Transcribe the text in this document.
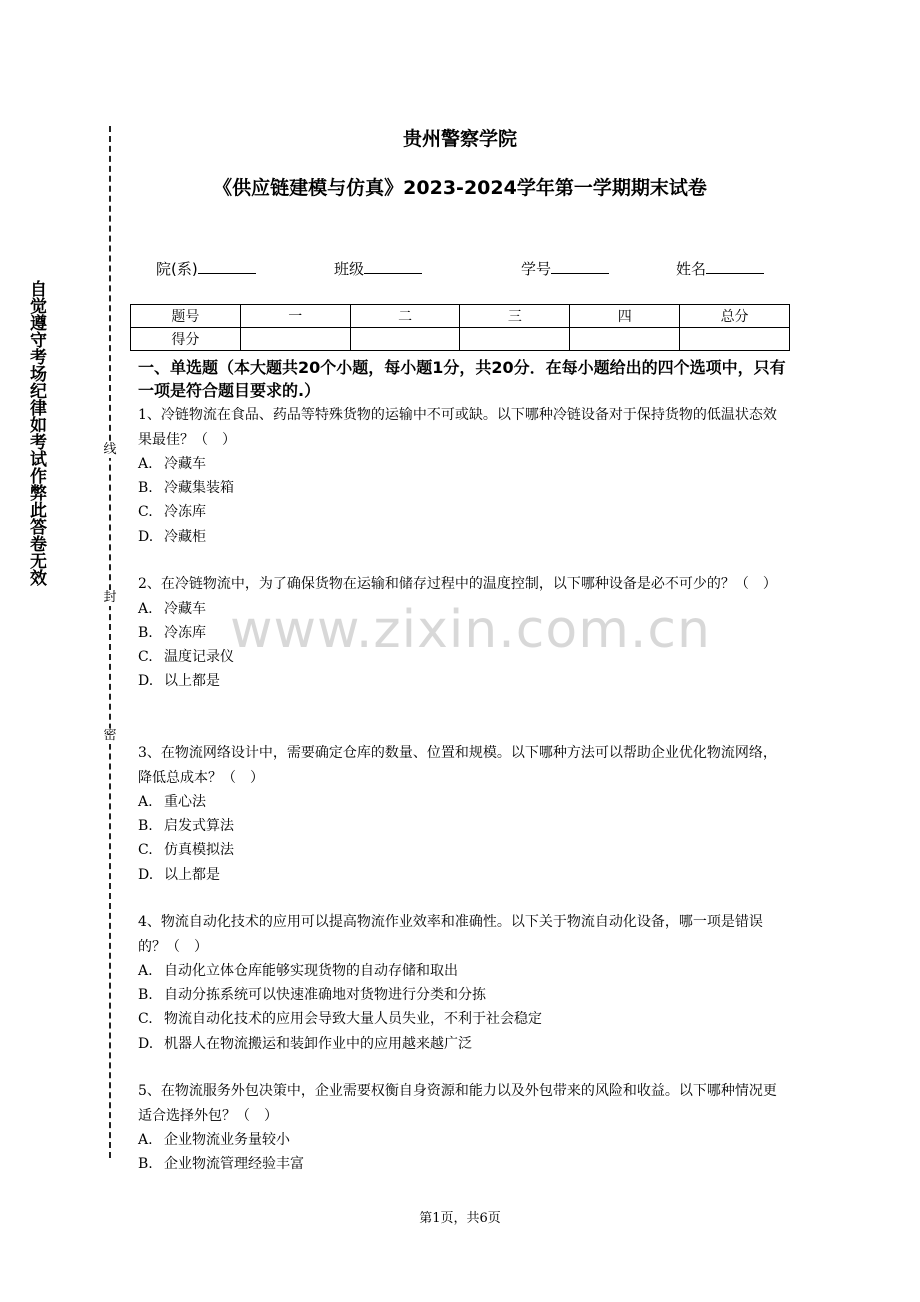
自觉遵守考场纪律如考试作弊此答卷无效	线
封
密
贵州警察学院
《供应链建模与仿真》2023-2024学年第一学期期末试卷
院(系)	班级	学号	姓名
题号	一	二	三	四	总分
得分					
一、单选题（本大题共20个小题，每小题1分，共20分．在每小题给出的四个选项中，只有一项是符合题目要求的.）
www.zixin.com.cn
1、冷链物流在食品、药品等特殊货物的运输中不可或缺。以下哪种冷链设备对于保持货物的低温状态效果最佳？（　）
A. 冷藏车
B. 冷藏集装箱
C. 冷冻库
D. 冷藏柜
2、在冷链物流中，为了确保货物在运输和储存过程中的温度控制，以下哪种设备是必不可少的？（　）
A. 冷藏车
B. 冷冻库
C. 温度记录仪
D. 以上都是
3、在物流网络设计中，需要确定仓库的数量、位置和规模。以下哪种方法可以帮助企业优化物流网络，降低总成本？（　）
A. 重心法
B. 启发式算法
C. 仿真模拟法
D. 以上都是
4、物流自动化技术的应用可以提高物流作业效率和准确性。以下关于物流自动化设备，哪一项是错误的？（　）
A. 自动化立体仓库能够实现货物的自动存储和取出
B. 自动分拣系统可以快速准确地对货物进行分类和分拣
C. 物流自动化技术的应用会导致大量人员失业，不利于社会稳定
D. 机器人在物流搬运和装卸作业中的应用越来越广泛
5、在物流服务外包决策中，企业需要权衡自身资源和能力以及外包带来的风险和收益。以下哪种情况更适合选择外包？（　）
A. 企业物流业务量较小
B. 企业物流管理经验丰富
第1页，共6页
